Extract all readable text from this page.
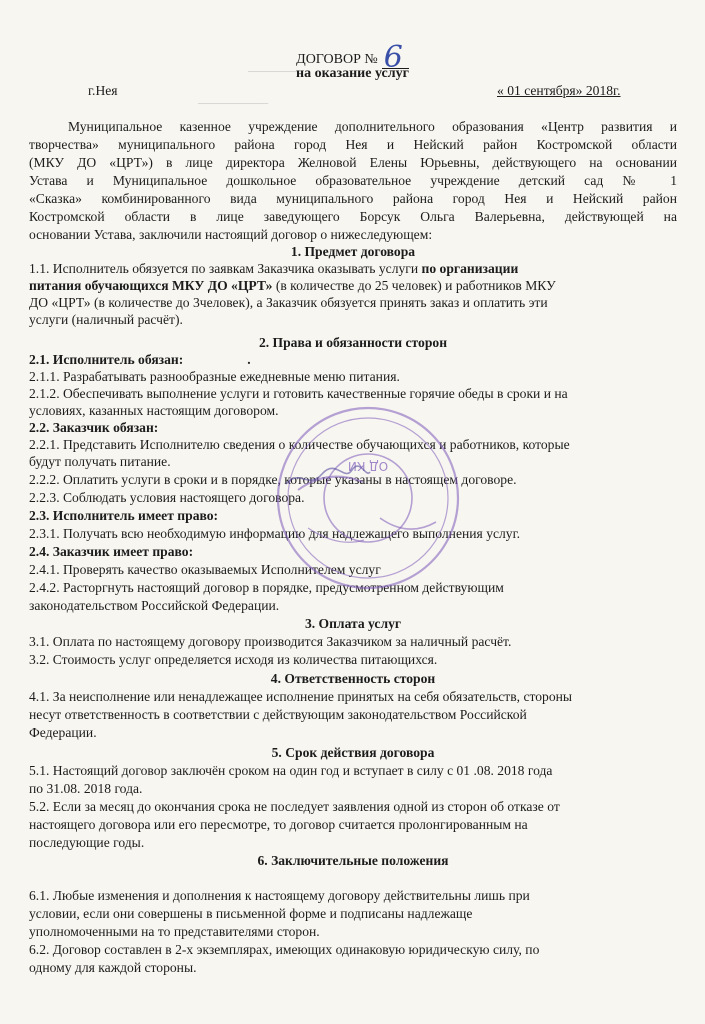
───────
─────────
ДОГОВОР № 6
на оказание услуг
г.Нея	« 01 сентября» 2018г.
Муниципальное казенное учреждение дополнительного образования «Центр развития и
творчества» муниципального района город Нея и Нейский район Костромской области
(МКУ ДО «ЦРТ») в лице директора Желновой Елены Юрьевны, действующего на основании
Устава и Муниципальное дошкольное образовательное учреждение детский сад № 1
«Сказка» комбинированного вида муниципального района город Нея и Нейский район
Костромской области в лице заведующего Борсук Ольга Валерьевна, действующей на
основании Устава, заключили настоящий договор о нижеследующем:
1. Предмет договора
1.1. Исполнитель обязуется по заявкам Заказчика оказывать услуги по организации
питания обучающихся МКУ ДО «ЦРТ» (в количестве до 25 человек) и работников МКУ
ДО «ЦРТ» (в количестве до 3человек), а Заказчик обязуется принять заказ и оплатить эти
услуги (наличный расчёт).
2. Права и обязанности сторон
2.1. Исполнитель обязан:	.
2.1.1. Разрабатывать разнообразные ежедневные меню питания.
2.1.2. Обеспечивать выполнение услуги и готовить качественные горячие обеды в сроки и на
условиях, казанных настоящим договором.
2.2. Заказчик обязан:
2.2.1. Представить Исполнителю сведения о количестве обучающихся и работников, которые
будут получать питание.
2.2.2. Оплатить услуги в сроки и в порядке, которые указаны в настоящем договоре.
2.2.3. Соблюдать условия настоящего договора.
2.3. Исполнитель имеет право:
2.3.1. Получать всю необходимую информацию для надлежащего выполнения услуг.
2.4. Заказчик имеет право:
2.4.1. Проверять качество оказываемых Исполнителем услуг
2.4.2. Расторгнуть настоящий договор в порядке, предусмотренном действующим
законодательством Российской Федерации.
3. Оплата услуг
3.1. Оплата по настоящему договору производится Заказчиком за наличный расчёт.
3.2. Стоимость услуг определяется исходя из количества питающихся.
4. Ответственность сторон
4.1. За неисполнение или ненадлежащее исполнение принятых на себя обязательств, стороны
несут ответственность в соответствии с действующим законодательством Российской
Федерации.
5. Срок действия договора
5.1. Настоящий договор заключён сроком на один год и вступает в силу с 01 .08. 2018 года
по 31.08. 2018 года.
5.2. Если за месяц до окончания срока не последует заявления одной из сторон об отказе от
настоящего договора или его пересмотре, то договор считается пролонгированным на
последующие годы.
6. Заключительные положения
6.1. Любые изменения и дополнения к настоящему договору действительны лишь при
условии, если они совершены в письменной форме и подписаны надлежаще
уполномоченными на то представителями сторон.
6.2. Договор составлен в 2-х экземплярах, имеющих одинаковую юридическую силу, по
одному для каждой стороны.
ОД КИ
